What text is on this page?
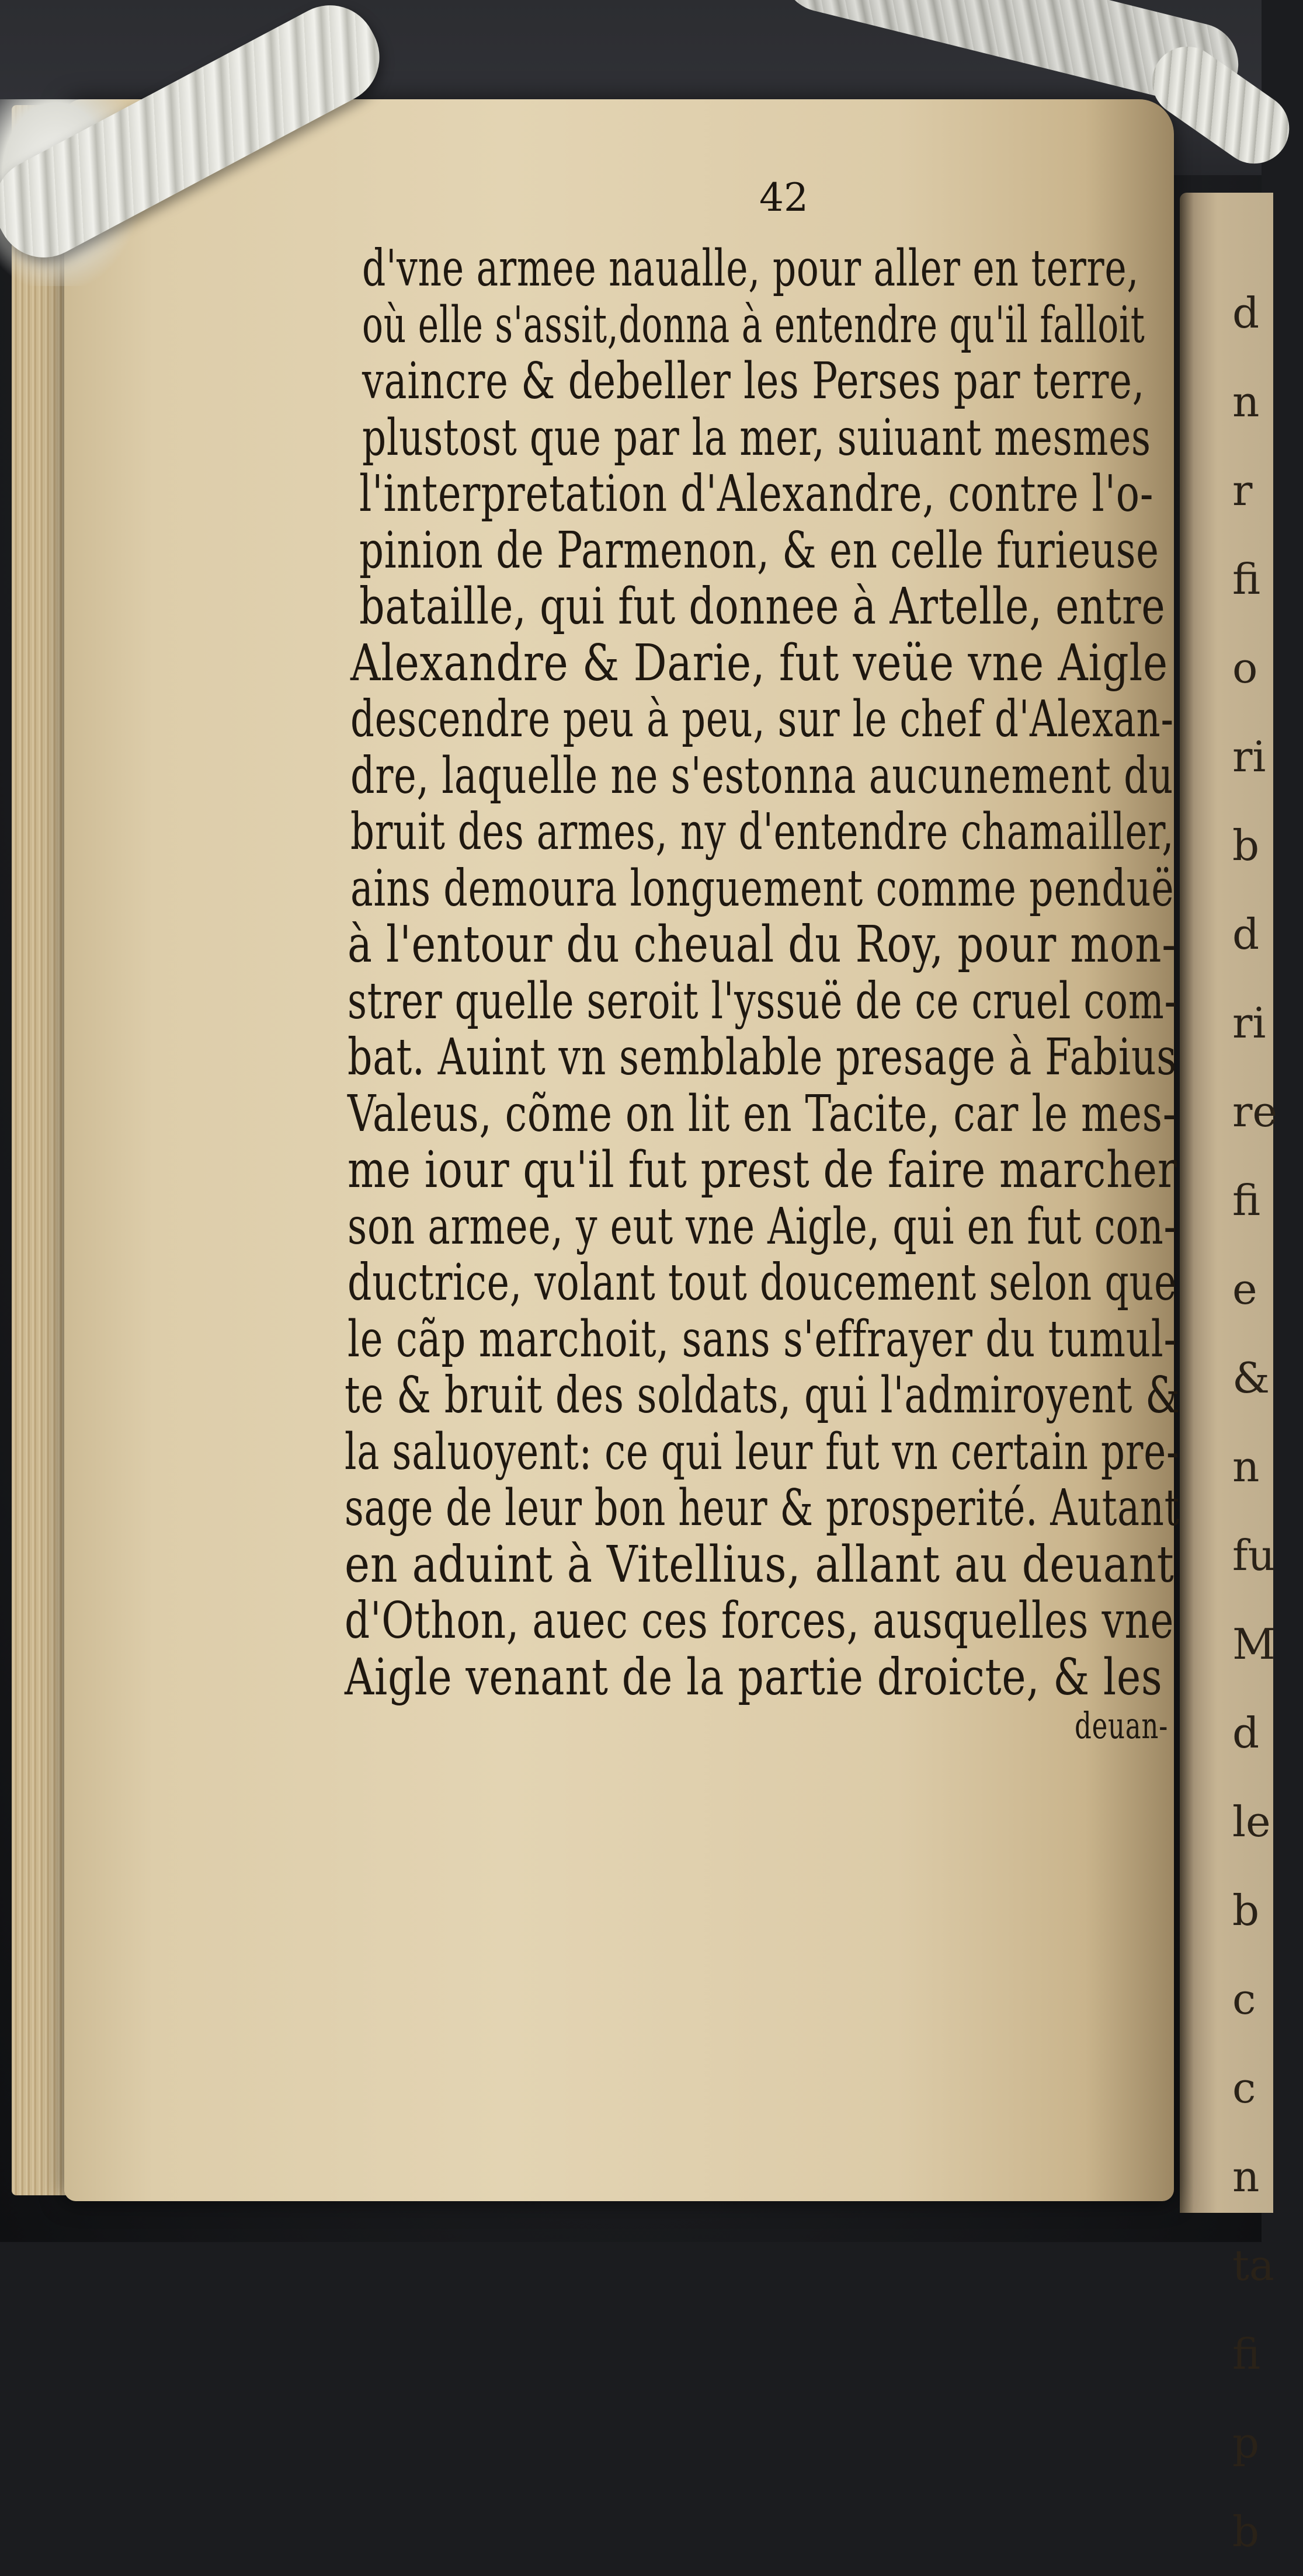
d
n
r
fi
o
ri
b
d
ri
re
fi
e
&
n
fu
M
d
le
b
c
c
n
ta
fi
p
b
42
d'vne armee naualle, pour aller en terre,
où elle s'assit,donna à entendre qu'il falloit
vaincre & debeller les Perses par terre,
plustost que par la mer, suiuant mesmes
l'interpretation d'Alexandre, contre l'o-
pinion de Parmenon, & en celle furieuse
bataille, qui fut donnee à Artelle, entre
Alexandre & Darie, fut veüe vne Aigle
descendre peu à peu, sur le chef d'Alexan-
dre, laquelle ne s'estonna aucunement du
bruit des armes, ny d'entendre chamailler,
ains demoura longuement comme penduë
à l'entour du cheual du Roy, pour mon-
strer quelle seroit l'yssuë de ce cruel com-
bat. Auint vn semblable presage à Fabius
Valeus, cõme on lit en Tacite, car le mes-
me iour qu'il fut prest de faire marcher
son armee, y eut vne Aigle, qui en fut con-
ductrice, volant tout doucement selon que
le cãp marchoit, sans s'effrayer du tumul-
te & bruit des soldats, qui l'admiroyent &
la saluoyent: ce qui leur fut vn certain pre-
sage de leur bon heur & prosperité. Autant
en aduint à Vitellius, allant au deuant
d'Othon, auec ces forces, ausquelles vne
Aigle venant de la partie droicte, & les
deuan-
